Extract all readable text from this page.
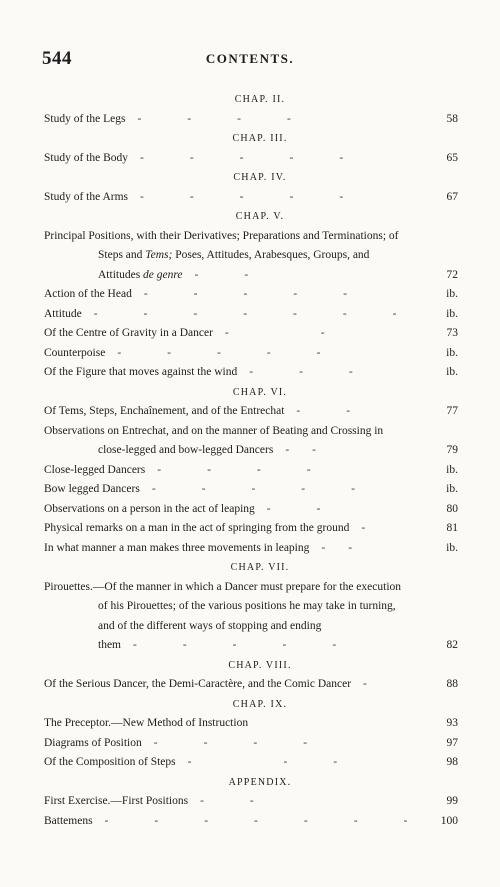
544	CONTENTS.
CHAP. II.
Study of the Legs -    -    -    -	58
CHAP. III.
Study of the Body -    -    -    -    -	65
CHAP. IV.
Study of the Arms -    -    -    -    -	67
CHAP. V.
Principal Positions, with their Derivatives; Preparations and Terminations; of Steps and Tems; Poses, Attitudes, Arabesques, Groups, and Attitudes de genre -    -	72
Action of the Head -    -    -    -    -	ib.
Attitude -    -    -    -    -    -    -	ib.
Of the Centre of Gravity in a Dancer -        -	73
Counterpoise -    -    -    -    -	ib.
Of the Figure that moves against the wind -    -    -	ib.
CHAP. VI.
Of Tems, Steps, Enchaînement, and of the Entrechat -    -	77
Observations on Entrechat, and on the manner of Beating and Crossing in close-legged and bow-legged Dancers -  -	79
Close-legged Dancers -    -    -    -	ib.
Bow legged Dancers -    -    -    -    -	ib.
Observations on a person in the act of leaping -    -	80
Physical remarks on a man in the act of springing from the ground -	81
In what manner a man makes three movements in leaping -  -	ib.
CHAP. VII.
Pirouettes.—Of the manner in which a Dancer must prepare for the execution of his Pirouettes; of the various positions he may take in turning, and of the different ways of stopping and ending them -    -    -    -    -	82
CHAP. VIII.
Of the Serious Dancer, the Demi-Caractère, and the Comic Dancer -	88
CHAP. IX.
The Preceptor.—New Method of Instruction	93
Diagrams of Position -    -    -    -	97
Of the Composition of Steps -        -    -	98
APPENDIX.
First Exercise.—First Positions -    -	99
Battemens -    -    -    -    -    -    -	100
